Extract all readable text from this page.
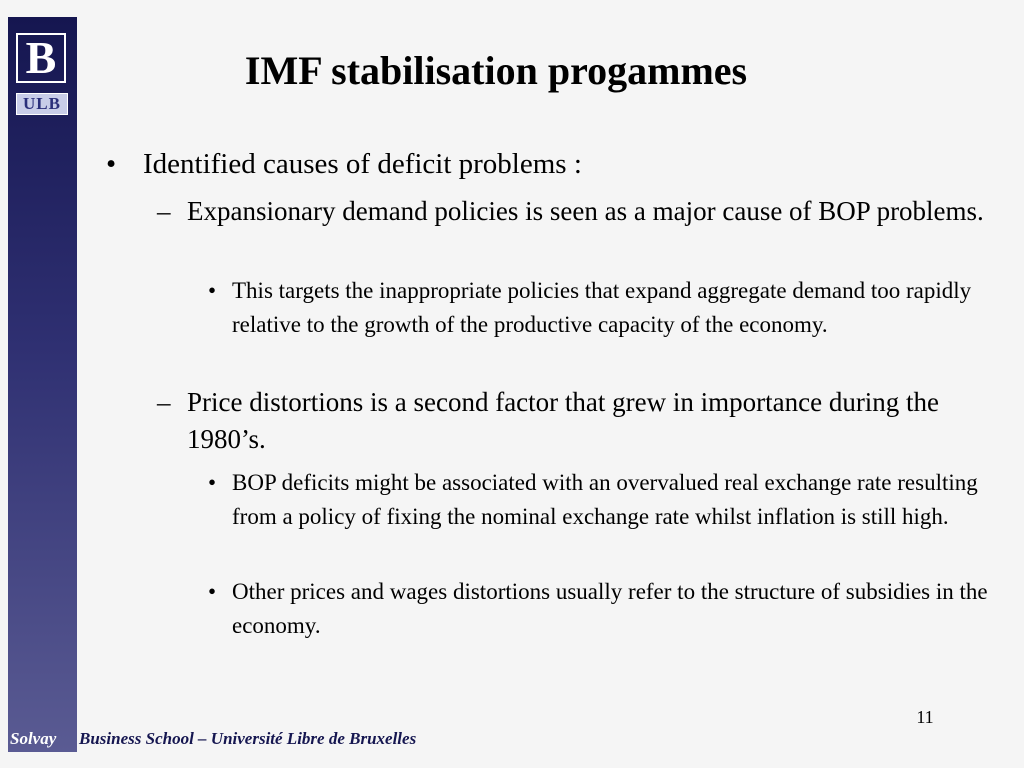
B
ULB
IMF stabilisation progammes
• Identified causes of deficit problems :
– Expansionary demand policies is seen as a major cause of BOP problems.
• This targets the inappropriate policies that expand aggregate demand too rapidly relative to the growth of the productive capacity of the economy.
– Price distortions is a second factor that grew in importance during the 1980’s.
• BOP deficits might be associated with an overvalued real exchange rate resulting from a policy of fixing the nominal exchange rate whilst inflation is still high.
• Other prices and wages distortions usually refer to the structure of subsidies in the economy.
11
Solvay Business School – Université Libre de Bruxelles
